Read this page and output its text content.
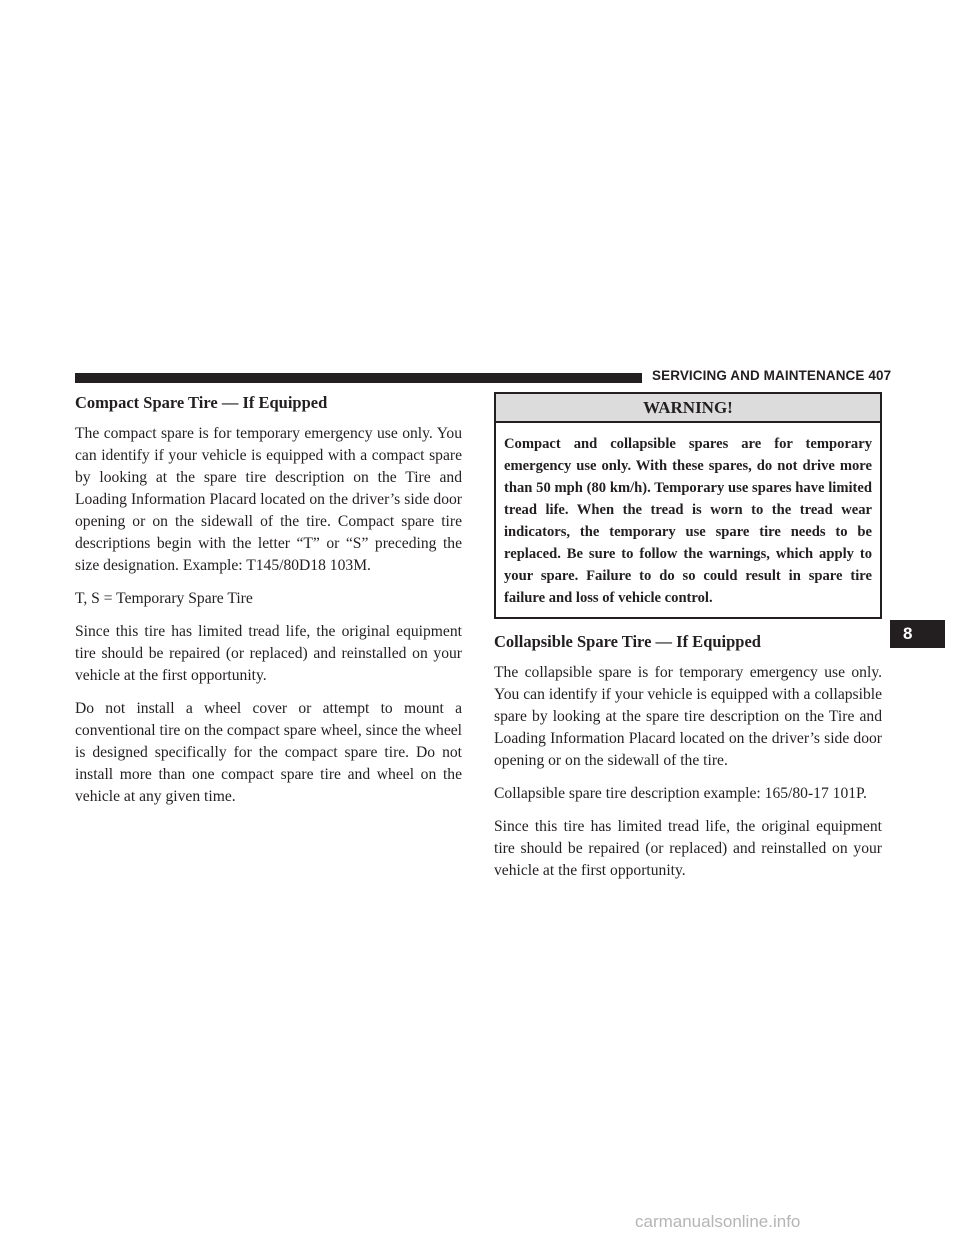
SERVICING AND MAINTENANCE 407
Compact Spare Tire — If Equipped

The compact spare is for temporary emergency use only. You can identify if your vehicle is equipped with a compact spare by looking at the spare tire description on the Tire and Loading Information Placard located on the driver’s side door opening or on the sidewall of the tire. Compact spare tire descriptions begin with the letter “T” or “S” preceding the size designation. Example: T145/80D18 103M.

T, S = Temporary Spare Tire

Since this tire has limited tread life, the original equipment tire should be repaired (or replaced) and reinstalled on your vehicle at the first opportunity.

Do not install a wheel cover or attempt to mount a conventional tire on the compact spare wheel, since the wheel is designed specifically for the compact spare tire. Do not install more than one compact spare tire and wheel on the vehicle at any given time.

WARNING!

Compact and collapsible spares are for temporary emergency use only. With these spares, do not drive more than 50 mph (80 km/h). Temporary use spares have limited tread life. When the tread is worn to the tread wear indicators, the temporary use spare tire needs to be replaced. Be sure to follow the warnings, which apply to your spare. Failure to do so could result in spare tire failure and loss of vehicle control.

Collapsible Spare Tire — If Equipped

The collapsible spare is for temporary emergency use only. You can identify if your vehicle is equipped with a collapsible spare by looking at the spare tire description on the Tire and Loading Information Placard located on the driver’s side door opening or on the sidewall of the tire.

Collapsible spare tire description example: 165/80-17 101P.

Since this tire has limited tread life, the original equipment tire should be repaired (or replaced) and reinstalled on your vehicle at the first opportunity.

8
carmanualsonline.info
